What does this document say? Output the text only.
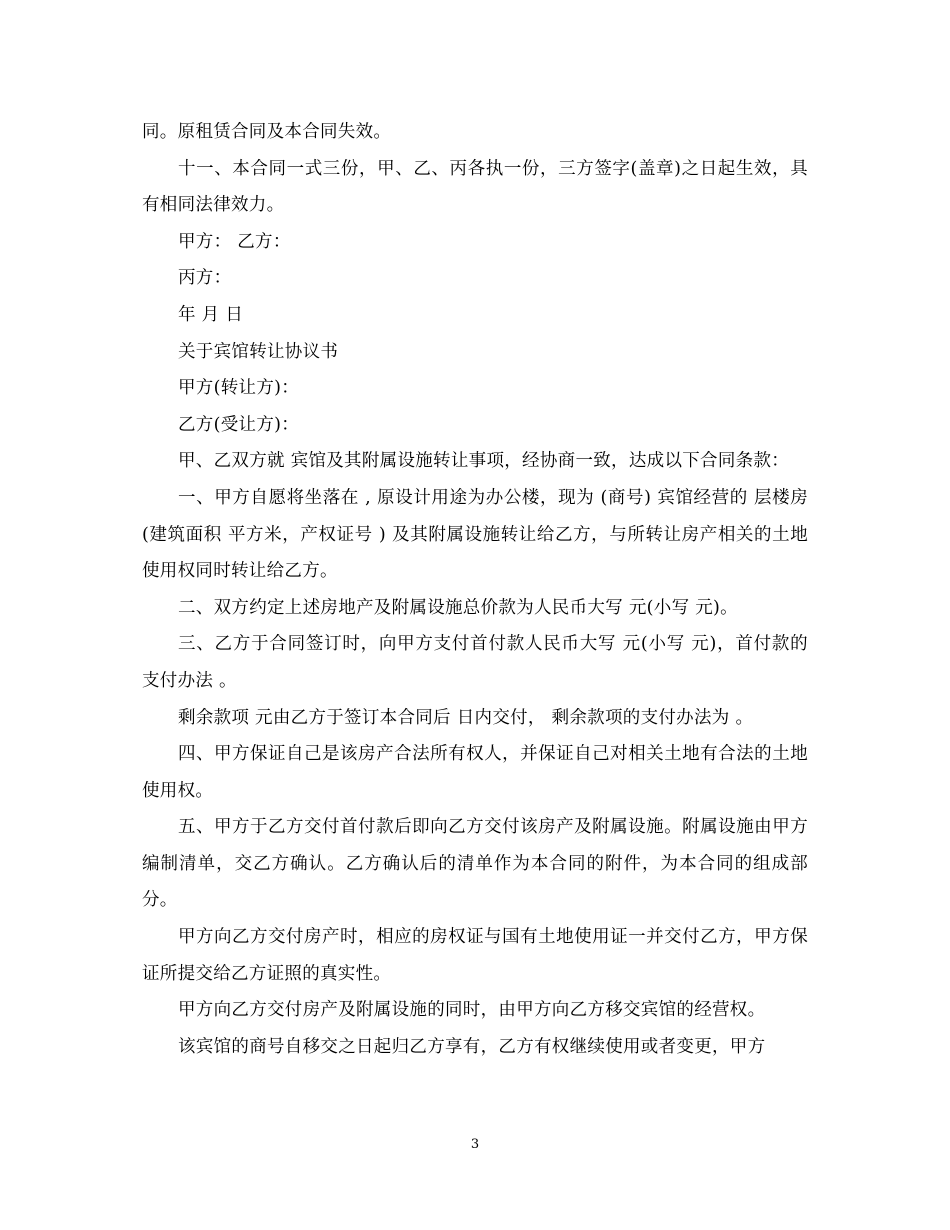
同。原租赁合同及本合同失效。

十一、本合同一式三份，甲、乙、丙各执一份，三方签字(盖章)之日起生效，具有相同法律效力。

甲方： 乙方：

丙方：

年 月 日

关于宾馆转让协议书

甲方(转让方)：

乙方(受让方)：

甲、乙双方就 宾馆及其附属设施转让事项，经协商一致，达成以下合同条款：

一、甲方自愿将坐落在 , 原设计用途为办公楼，现为 (商号) 宾馆经营的 层楼房(建筑面积 平方米，产权证号 ) 及其附属设施转让给乙方，与所转让房产相关的土地使用权同时转让给乙方。

二、双方约定上述房地产及附属设施总价款为人民币大写 元(小写 元)。

三、乙方于合同签订时，向甲方支付首付款人民币大写 元(小写 元)，首付款的支付办法 。

剩余款项 元由乙方于签订本合同后 日内交付， 剩余款项的支付办法为 。

四、甲方保证自己是该房产合法所有权人，并保证自己对相关土地有合法的土地使用权。

五、甲方于乙方交付首付款后即向乙方交付该房产及附属设施。附属设施由甲方编制清单，交乙方确认。乙方确认后的清单作为本合同的附件，为本合同的组成部分。

甲方向乙方交付房产时，相应的房权证与国有土地使用证一并交付乙方，甲方保证所提交给乙方证照的真实性。

甲方向乙方交付房产及附属设施的同时，由甲方向乙方移交宾馆的经营权。

该宾馆的商号自移交之日起归乙方享有，乙方有权继续使用或者变更，甲方

3
